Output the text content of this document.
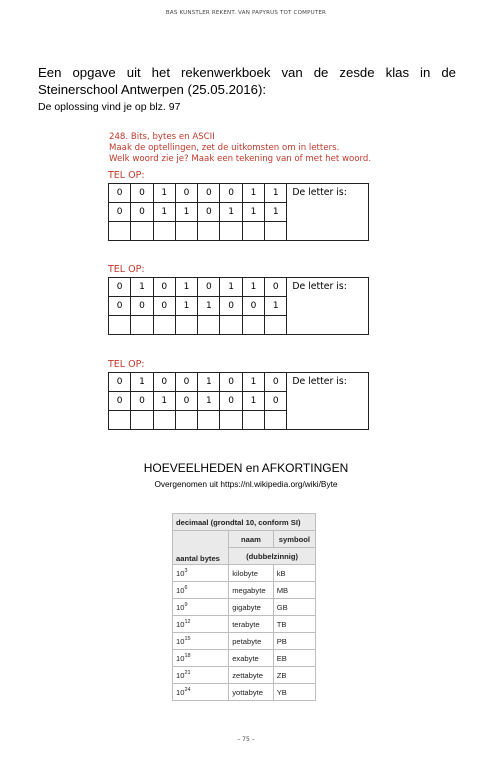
BAS KUNSTLER REKENT. VAN PAPYRUS TOT COMPUTER
Een opgave uit het rekenwerkboek van de zesde klas in de Steinerschool Antwerpen (25.05.2016):
De oplossing vind je op blz. 97
248. Bits, bytes en ASCII
Maak de optellingen, zet de uitkomsten om in letters.
Welk woord zie je? Maak een tekening van of met het woord.
TEL OP:
0	0	1	0	0	0	1	1	De letter is:
0	0	1	1	0	1	1	1	

TEL OP:
0	1	0	1	0	1	1	0	De letter is:
0	0	0	1	1	0	0	1	

TEL OP:
0	1	0	0	1	0	1	0	De letter is:
0	0	1	0	1	0	1	0	

HOEVEELHEDEN en AFKORTINGEN
Overgenomen uit https://nl.wikipedia.org/wiki/Byte
decimaal (grondtal 10, conform SI)		
aantal bytes	naam	symbool
	(dubbelzinnig)	
$10^3$	kilobyte	kB
$10^6$	megabyte	MB
$10^9$	gigabyte	GB
$10^{12}$	terabyte	TB
$10^{15}$	petabyte	PB
$10^{18}$	exabyte	EB
$10^{21}$	zettabyte	ZB
$10^{24}$	yottabyte	YB
– 75 –
